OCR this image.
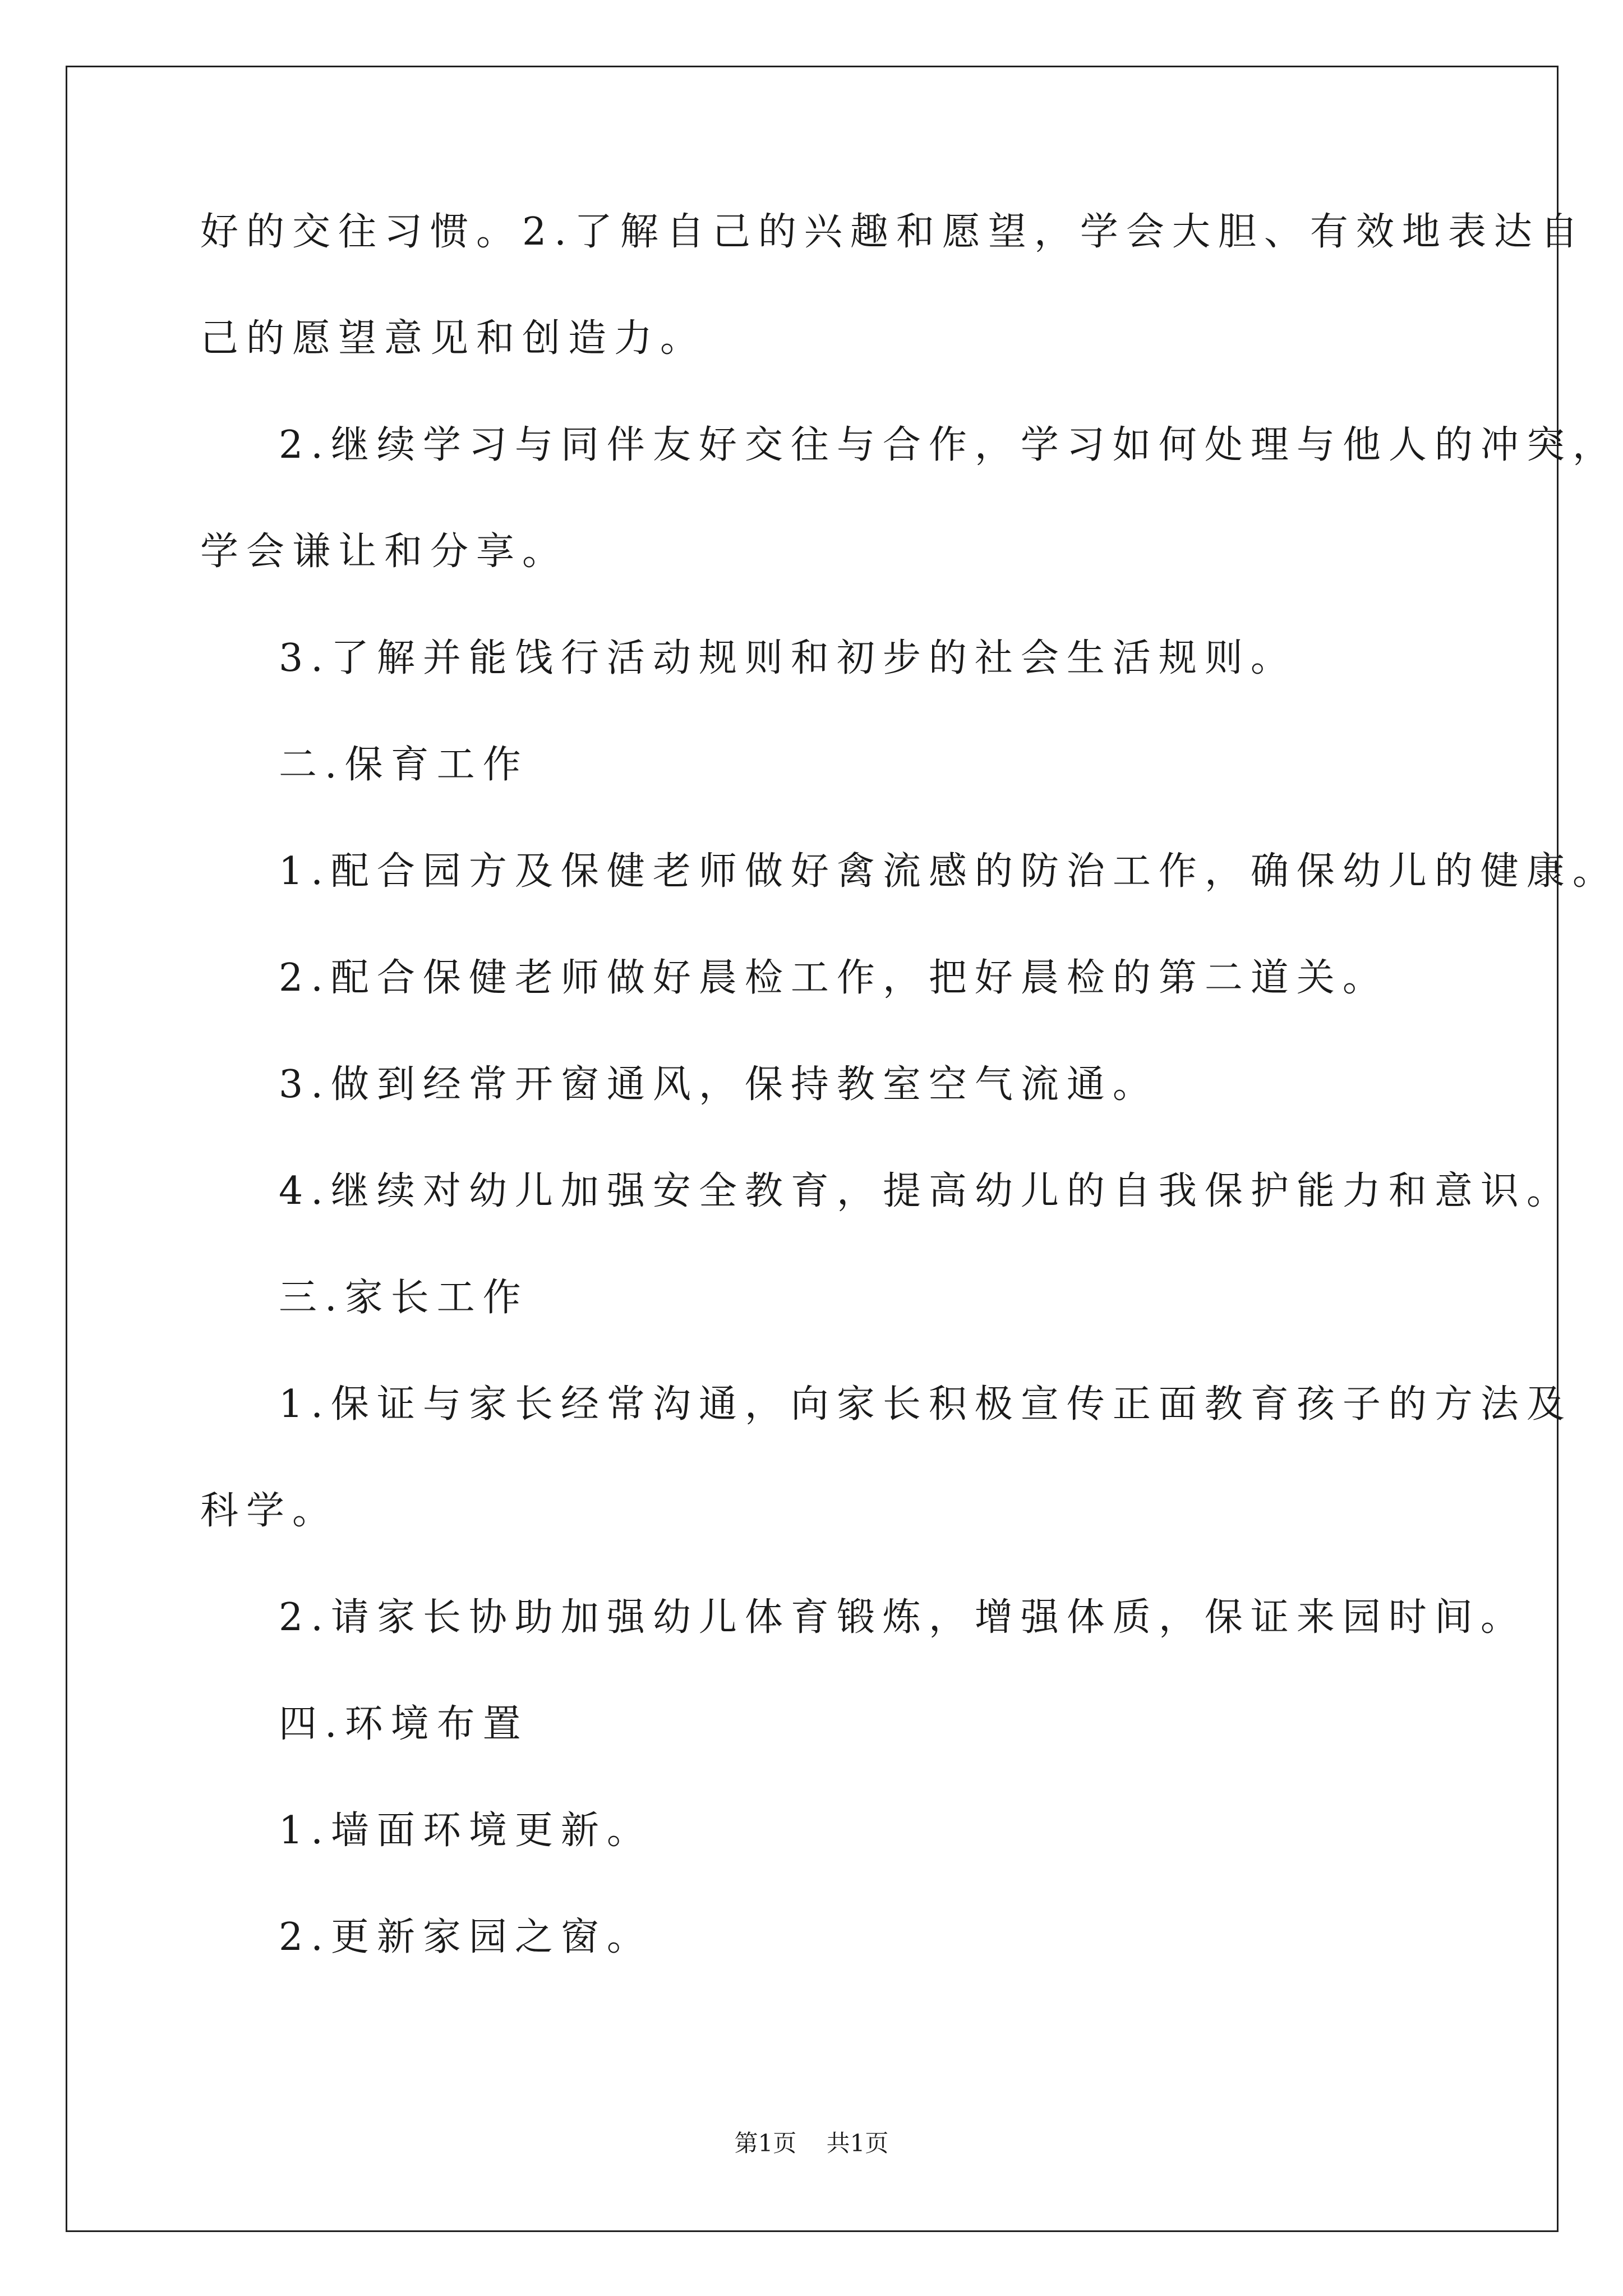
好的交往习惯。2.了解自己的兴趣和愿望，学会大胆、有效地表达自
己的愿望意见和创造力。
2.继续学习与同伴友好交往与合作，学习如何处理与他人的冲突，
学会谦让和分享。
3.了解并能饯行活动规则和初步的社会生活规则。
二.保育工作
1.配合园方及保健老师做好禽流感的防治工作，确保幼儿的健康。
2.配合保健老师做好晨检工作，把好晨检的第二道关。
3.做到经常开窗通风，保持教室空气流通。
4.继续对幼儿加强安全教育，提高幼儿的自我保护能力和意识。
三.家长工作
1.保证与家长经常沟通，向家长积极宣传正面教育孩子的方法及
科学。
2.请家长协助加强幼儿体育锻炼，增强体质，保证来园时间。
四.环境布置
1.墙面环境更新。
2.更新家园之窗。
第1页 共1页
